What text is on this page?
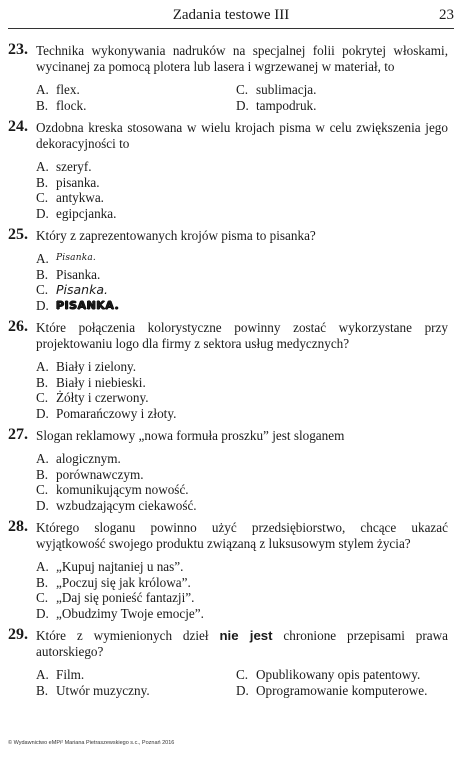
Zadania testowe III	23
23. Technika wykonywania nadruków na specjalnej folii pokrytej włoskami, wycinanej za pomocą plotera lub lasera i wgrzewanej w materiał, to
A. flex.	C. sublimacja.
B. flock.	D. tampodruk.
24. Ozdobna kreska stosowana w wielu krojach pisma w celu zwiększenia jego dekoracyjności to
A. szeryf.
B. pisanka.
C. antykwa.
D. egipcjanka.
25. Który z zaprezentowanych krojów pisma to pisanka?
A. Pisanka.
B. Pisanka.
C. Pisanka.
D. PISANKA.
26. Które połączenia kolorystyczne powinny zostać wykorzystane przy projektowaniu logo dla firmy z sektora usług medycznych?
A. Biały i zielony.
B. Biały i niebieski.
C. Żółty i czerwony.
D. Pomarańczowy i złoty.
27. Slogan reklamowy „nowa formuła proszku” jest sloganem
A. alogicznym.
B. porównawczym.
C. komunikującym nowość.
D. wzbudzającym ciekawość.
28. Którego sloganu powinno użyć przedsiębiorstwo, chcące ukazać wyjątkowość swojego produktu związaną z luksusowym stylem życia?
A. „Kupuj najtaniej u nas”.
B. „Poczuj się jak królowa”.
C. „Daj się ponieść fantazji”.
D. „Obudzimy Twoje emocje”.
29. Które z wymienionych dzieł nie jest chronione przepisami prawa autorskiego?
A. Film.	C. Opublikowany opis patentowy.
B. Utwór muzyczny.	D. Oprogramowanie komputerowe.
© Wydawnictwo eMPi² Mariana Pietraszewskiego s.c., Poznań 2016
